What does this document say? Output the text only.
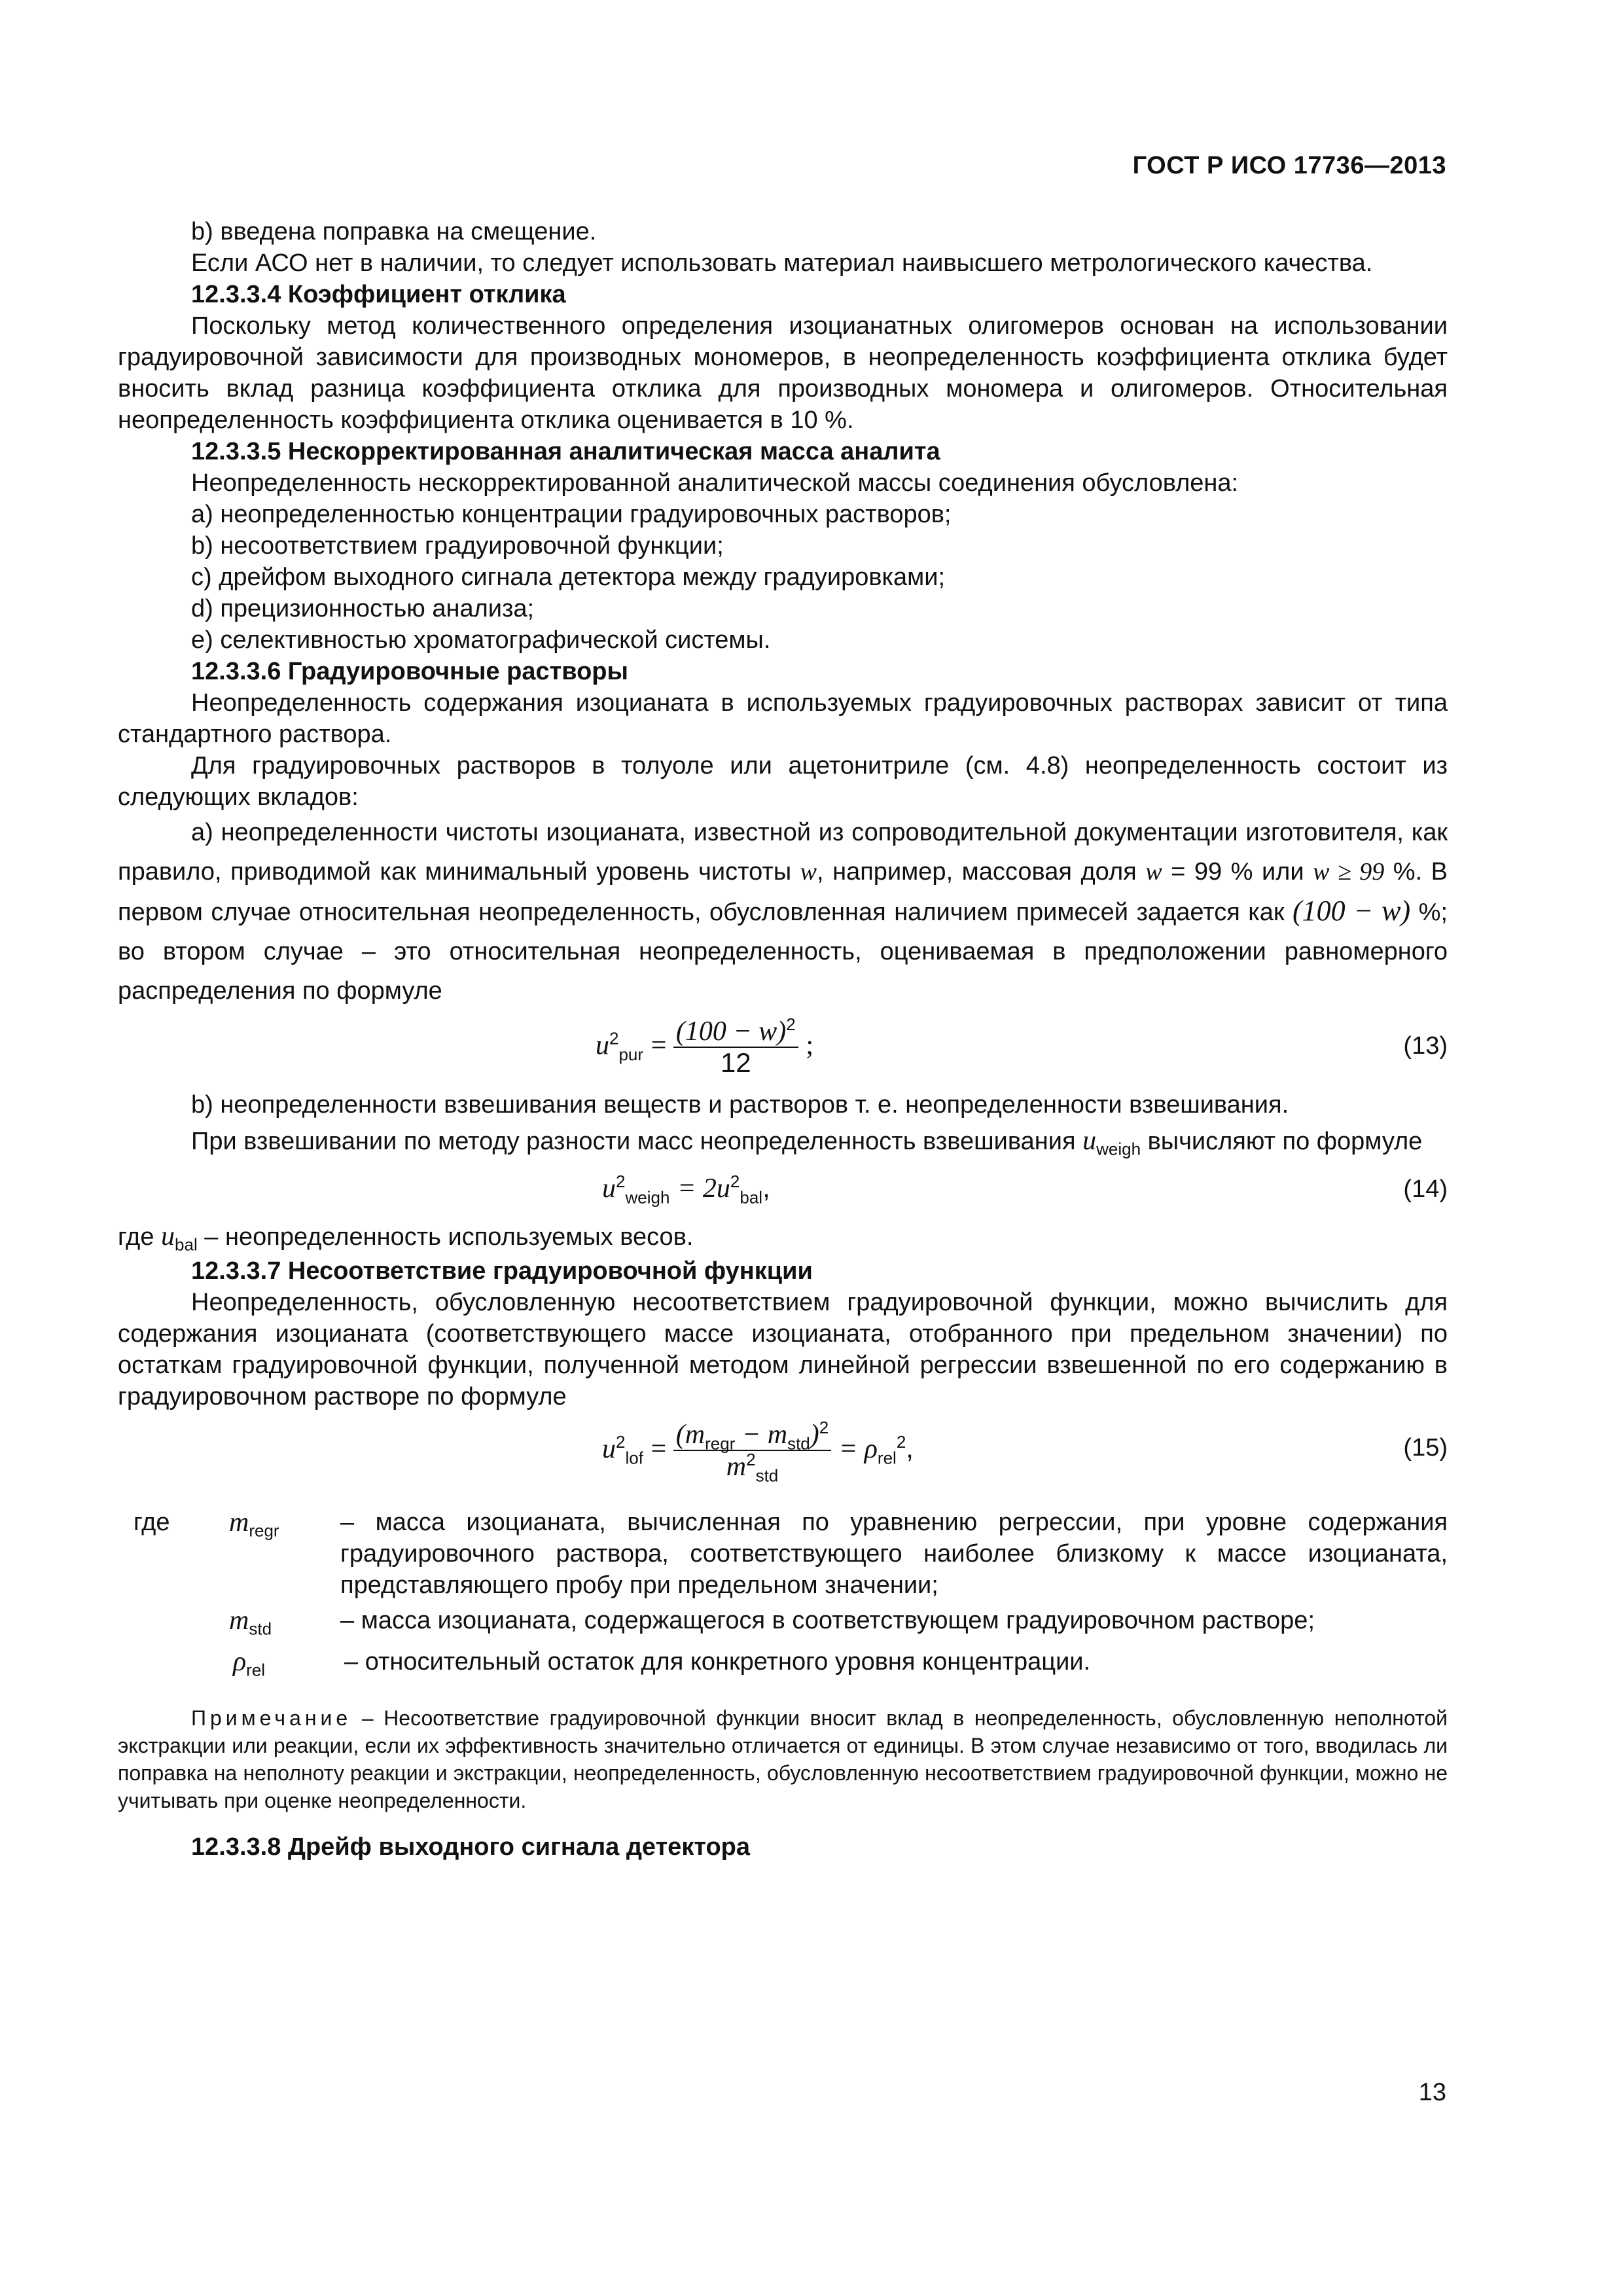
ГОСТ Р ИСО 17736—2013

b) введена поправка на смещение.

Если АСО нет в наличии, то следует использовать материал наивысшего метрологического качества.

12.3.3.4 Коэффициент отклика

Поскольку метод количественного определения изоцианатных олигомеров основан на использовании градуировочной зависимости для производных мономеров, в неопределенность коэффициента отклика будет вносить вклад разница коэффициента отклика для производных мономера и олигомеров. Относительная неопределенность коэффициента отклика оценивается в 10 %.

12.3.3.5 Нескорректированная аналитическая масса аналита

Неопределенность нескорректированной аналитической массы соединения обусловлена:

a) неопределенностью концентрации градуировочных растворов;

b) несоответствием градуировочной функции;

c) дрейфом выходного сигнала детектора между градуировками;

d) прецизионностью анализа;

e) селективностью хроматографической системы.

12.3.3.6 Градуировочные растворы

Неопределенность содержания изоцианата в используемых градуировочных растворах зависит от типа стандартного раствора.

Для градуировочных растворов в толуоле или ацетонитриле (см. 4.8) неопределенность состоит из следующих вкладов:

a) неопределенности чистоты изоцианата, известной из сопроводительной документации изготовителя, как правило, приводимой как минимальный уровень чистоты w, например, массовая доля w = 99 % или w ≥ 99 %. В первом случае относительная неопределенность, обусловленная наличием примесей задается как (100 − w) %; во втором случае – это относительная неопределенность, оцениваемая в предположении равномерного распределения по формуле

$u^2_{pur} = \frac{(100 - w)^2}{12}$ ;	(13)

b) неопределенности взвешивания веществ и растворов т. е. неопределенности взвешивания.

При взвешивании по методу разности масс неопределенность взвешивания $u_{weigh}$ вычисляют по формуле

$u^2_{weigh} = 2u^2_{bal}$,	(14)

где $u_{bal}$ – неопределенность используемых весов.

12.3.3.7 Несоответствие градуировочной функции

Неопределенность, обусловленную несоответствием градуировочной функции, можно вычислить для содержания изоцианата (соответствующего массе изоцианата, отобранного при предельном значении) по остаткам градуировочной функции, полученной методом линейной регрессии взвешенной по его содержанию в градуировочном растворе по формуле

$u^2_{lof} = \frac{(m_{regr} - m_{std})^2}{m^2_{std}} = \rho_{rel}^2$,	(15)
где	$m_{regr}$	– масса изоцианата, вычисленная по уравнению регрессии, при уровне содержания градуировочного раствора, соответствующего наиболее близкому к массе изоцианата, представляющего пробу при предельном значении;
$m_{std}$	– масса изоцианата, содержащегося в соответствующем градуировочном растворе;
$\rho_{rel}$	– относительный остаток для конкретного уровня концентрации.

Примечание – Несоответствие градуировочной функции вносит вклад в неопределенность, обусловленную неполнотой экстракции или реакции, если их эффективность значительно отличается от единицы. В этом случае независимо от того, вводилась ли поправка на неполноту реакции и экстракции, неопределенность, обусловленную несоответствием градуировочной функции, можно не учитывать при оценке неопределенности.

12.3.3.8 Дрейф выходного сигнала детектора

13
